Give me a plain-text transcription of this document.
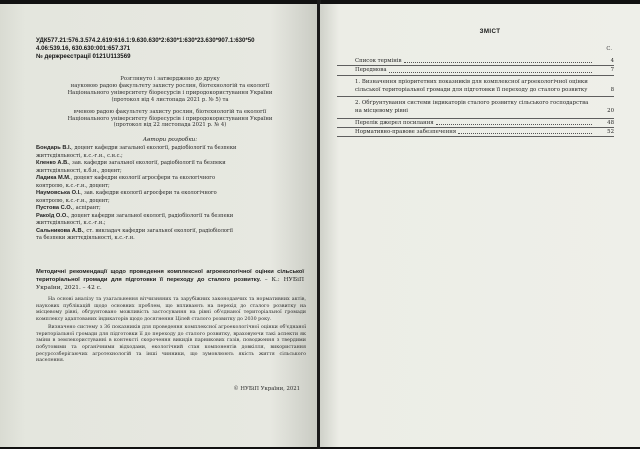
УДК577.21:576.3.574.2.619:616.1:9.630.630*2:630*1:630*23.630*907.1:630*50
4.06:539.16, 630.630:001:657.371
№ держреєстрації 0121U113569
Розглянуто і затверджено до друку
науковою радою факультету захисту рослин, біотехнологій та екології
Національного університету біоресурсів і природокористування України
(протокол від 4 листопада 2021 р. № 5) та
вченою радою факультету захисту рослин, біотехнологій та екології
Національного університету біоресурсів і природокористування України
(протокол від 22 листопада 2021 р. № 4)
Автори розробки:
Бондарь В.І., доцент кафедри загальної екології, радіобіології та безпеки
життєдіяльності, к.с.-г.н., с.н.с.;
Кленко А.В., зав. кафедри загальної екології, радіобіології та безпеки
життєдіяльності, к.б.н., доцент;
Ладика М.М., доцент кафедри екології агросфери та екологічного
контролю, к.с.-г.н., доцент;
Наумовська О.І., зав. кафедри екології агросфери та екологічного
контролю, к.с.-г.н., доцент;
Пустова С.О., аспірант;
Ракоїд О.О., доцент кафедри загальної екології, радіобіології та безпеки
життєдіяльності, к.с.-г.н.;
Сальникова А.В., ст. викладач кафедри загальної екології, радіобіології
та безпеки життєдіяльності, к.с.-г.н.
Методичні рекомендації щодо проведення комплексної агроекологічної оцінки сільської територіальної громади для підготовки її переходу до сталого розвитку. – К.: НУБіП України, 2021. – 42 с.

На основі аналізу та узагальнення вітчизняних та зарубіжних законодавчих та нормативних актів, наукових публікацій щодо основних проблем, що впливають на перехід до сталого розвитку на місцевому рівні, обґрунтовано можливість застосування на рівні об'єднаної територіальної громади комплексу адаптованих індикаторів щодо досягнення Цілей сталого розвитку до 2030 року.

Визначено систему з 36 показників для проведення комплексної агроекологічної оцінки об'єднаної територіальної громади для підготовки її до переходу до сталого розвитку, враховуючи такі аспекти як зміни в землекористуванні в контексті скорочення викидів парникових газів, поводження з твердими побутовими та органічними відходами, екологічний стан компонентів довкілля, використання ресурсозберігаючих агротехнологій та інші чинники, що зумовлюють якість життя сільського населення.

© НУБіП України, 2021
ЗМІСТ
С.
Список термінів	4
Передмова	7
1. Визначення пріоритетних показників для комплексної агроекологічної оцінки сільської територіальної громади для підготовки її переходу до сталого розвитку	8
2. Обґрунтування системи індикаторів сталого розвитку сільського господарства на місцевому рівні	20
Перелік джерел посилання	48
Нормативно-правове забезпечення	52
